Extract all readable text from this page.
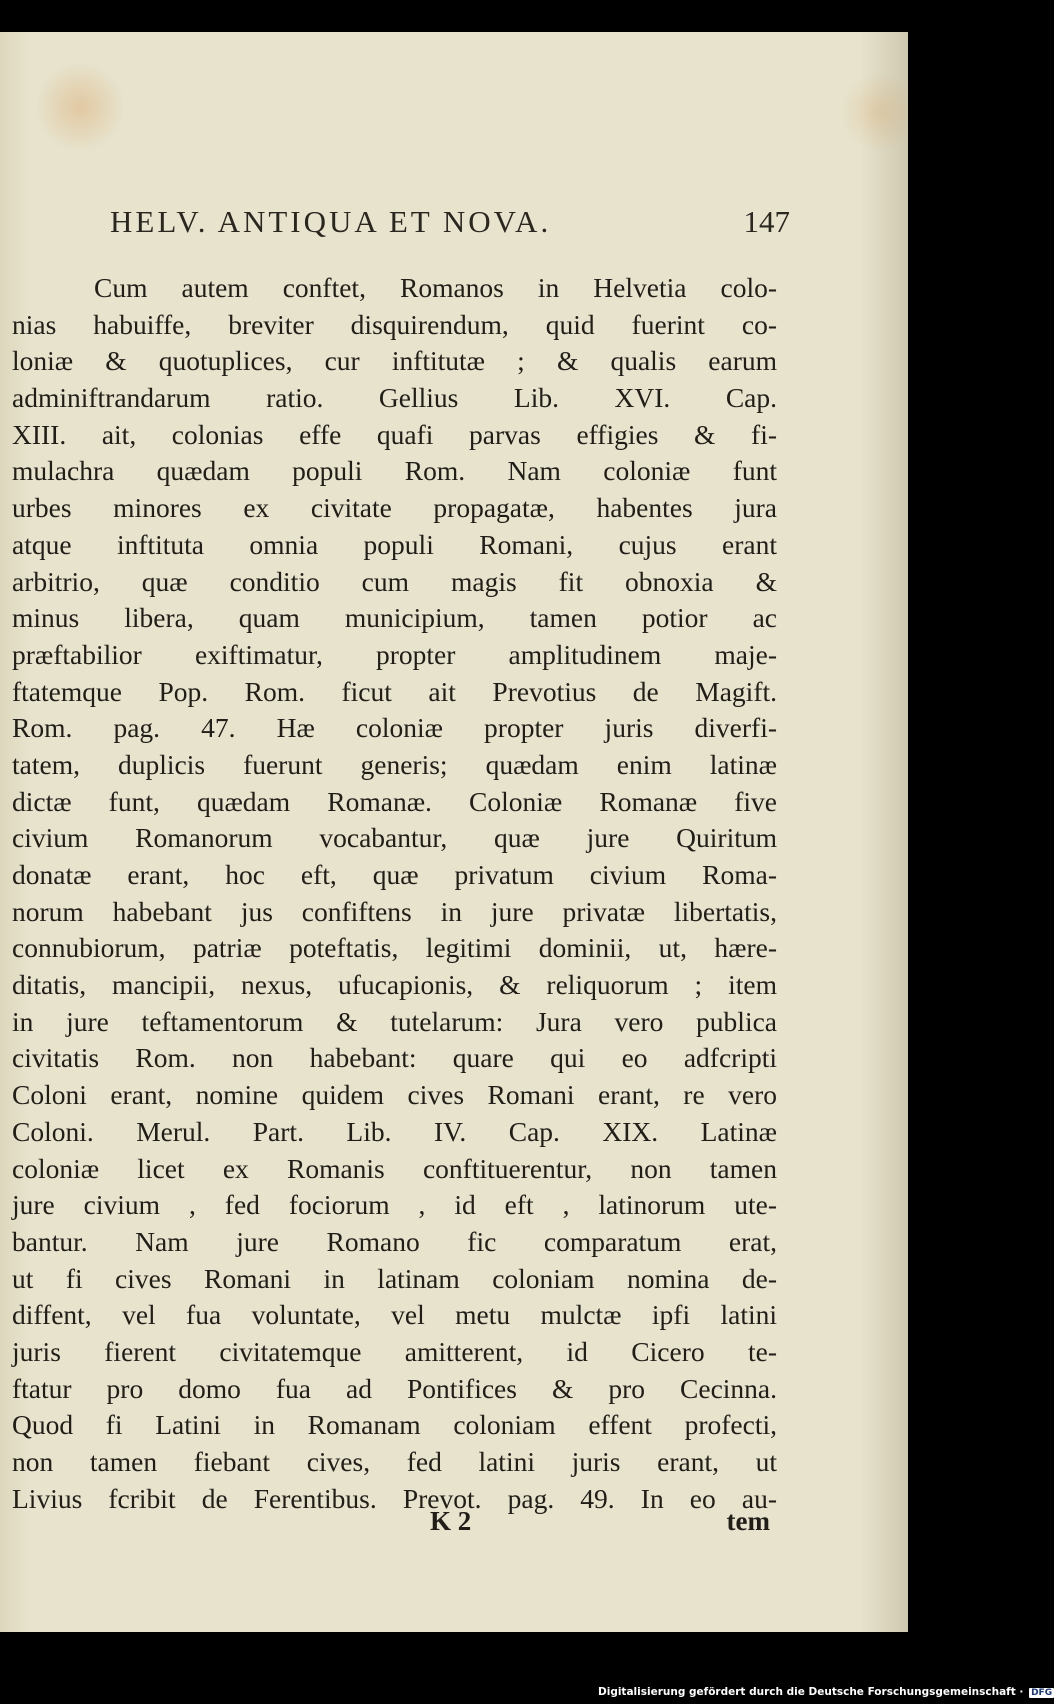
HELV. ANTIQUA ET NOVA.	147
Cum autem conftet, Romanos in Helvetia colo-
nias habuiffe, breviter disquirendum, quid fuerint co-
loniæ & quotuplices, cur inftitutæ ; & qualis earum
adminiftrandarum ratio. Gellius Lib. XVI. Cap.
XIII. ait, colonias effe quafi parvas effigies & fi-
mulachra quædam populi Rom. Nam coloniæ funt
urbes minores ex civitate propagatæ, habentes jura
atque inftituta omnia populi Romani, cujus erant
arbitrio, quæ conditio cum magis fit obnoxia &
minus libera, quam municipium, tamen potior ac
præftabilior exiftimatur, propter amplitudinem maje-
ftatemque Pop. Rom. ficut ait Prevotius de Magift.
Rom. pag. 47. Hæ coloniæ propter juris diverfi-
tatem, duplicis fuerunt generis; quædam enim latinæ
dictæ funt, quædam Romanæ. Coloniæ Romanæ five
civium Romanorum vocabantur, quæ jure Quiritum
donatæ erant, hoc eft, quæ privatum civium Roma-
norum habebant jus confiftens in jure privatæ libertatis,
connubiorum, patriæ poteftatis, legitimi dominii, ut, hære-
ditatis, mancipii, nexus, ufucapionis, & reliquorum ; item
in jure teftamentorum & tutelarum: Jura vero publica
civitatis Rom. non habebant: quare qui eo adfcripti
Coloni erant, nomine quidem cives Romani erant, re vero
Coloni. Merul. Part. Lib. IV. Cap. XIX. Latinæ
coloniæ licet ex Romanis conftituerentur, non tamen
jure civium , fed fociorum , id eft , latinorum ute-
bantur. Nam jure Romano fic comparatum erat,
ut fi cives Romani in latinam coloniam nomina de-
diffent, vel fua voluntate, vel metu mulctæ ipfi latini
juris fierent civitatemque amitterent, id Cicero te-
ftatur pro domo fua ad Pontifices & pro Cecinna.
Quod fi Latini in Romanam coloniam effent profecti,
non tamen fiebant cives, fed latini juris erant, ut
Livius fcribit de Ferentibus. Prevot. pag. 49. In eo au-
K 2	tem
Digitalisierung gefördert durch die Deutsche Forschungsgemeinschaft · DFG
